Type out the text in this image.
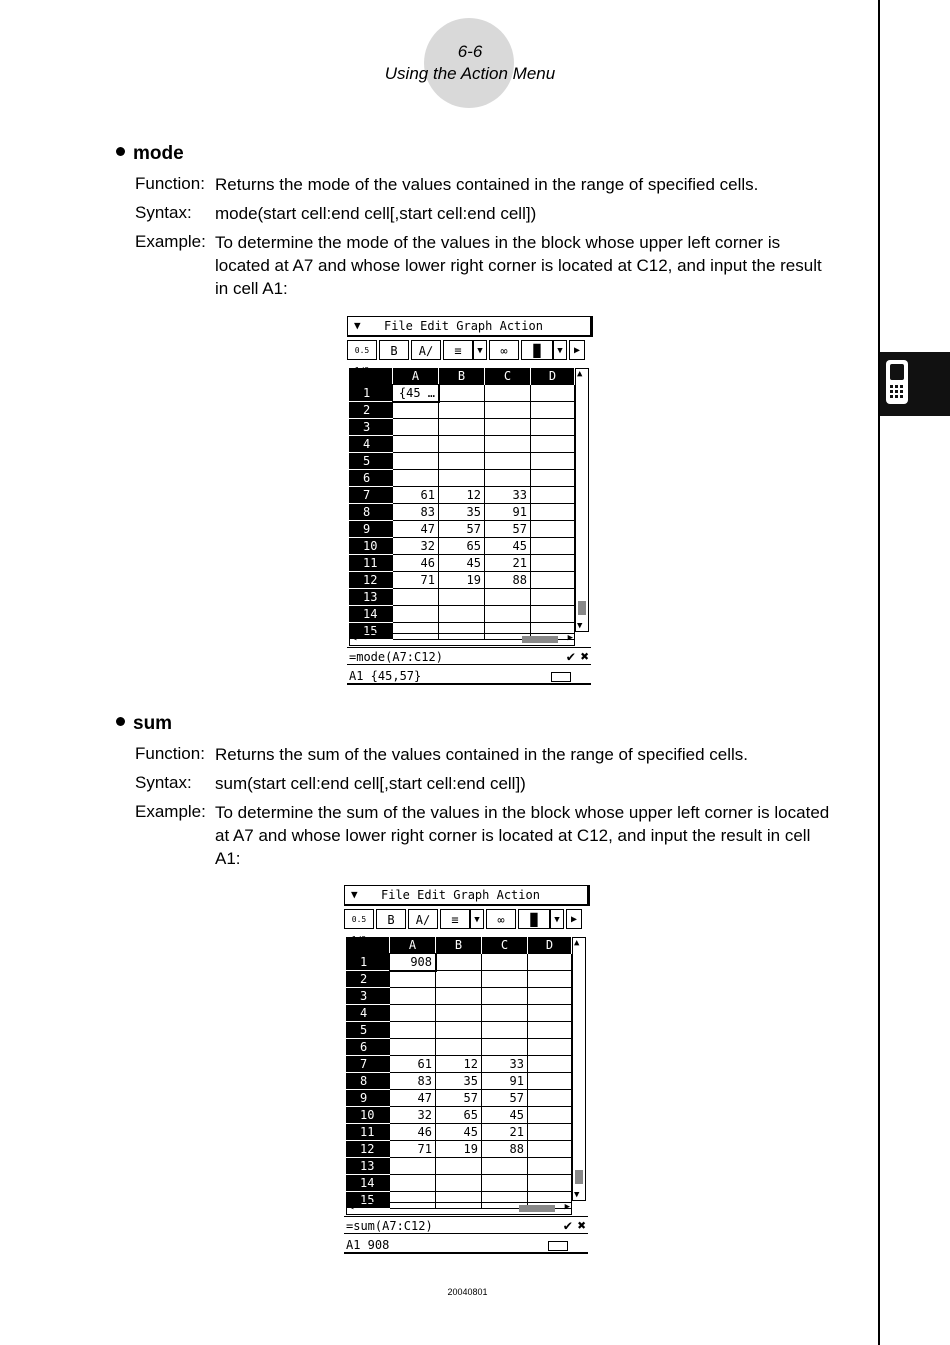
6-6
Using the Action Menu
mode
Function: Returns the mode of the values contained in the range of specified cells.
Syntax: mode(start cell:end cell[,start cell:end cell])
Example: To determine the mode of the values in the block whose upper left corner is located at A7 and whose lower right corner is located at C12, and input the result in cell A1:
▼ File Edit Graph Action
0.5	B	A∕	≡	▼	∞	▐▌	▼	▶
A	B	C	D
1	{45 …
2
3
4
5
6
7	61	12	33
8	83	35	91
9	47	57	57
10	32	65	45
11	46	45	21
12	71	19	88
13
14
15
▲
▼
◀	▶
=mode(A7:C12)	✔ ✖
A1 {45,57}
sum
Function: Returns the sum of the values contained in the range of specified cells.
Syntax: sum(start cell:end cell[,start cell:end cell])
Example: To determine the sum of the values in the block whose upper left corner is located at A7 and whose lower right corner is located at C12, and input the result in cell A1:
▼ File Edit Graph Action
0.5	B	A∕	≡	▼	∞	▐▌	▼	▶
A	B	C	D
1	908
2
3
4
5
6
7	61	12	33
8	83	35	91
9	47	57	57
10	32	65	45
11	46	45	21
12	71	19	88
13
14
15
▲
▼
◀	▶
=sum(A7:C12)	✔ ✖
A1 908
20040801
